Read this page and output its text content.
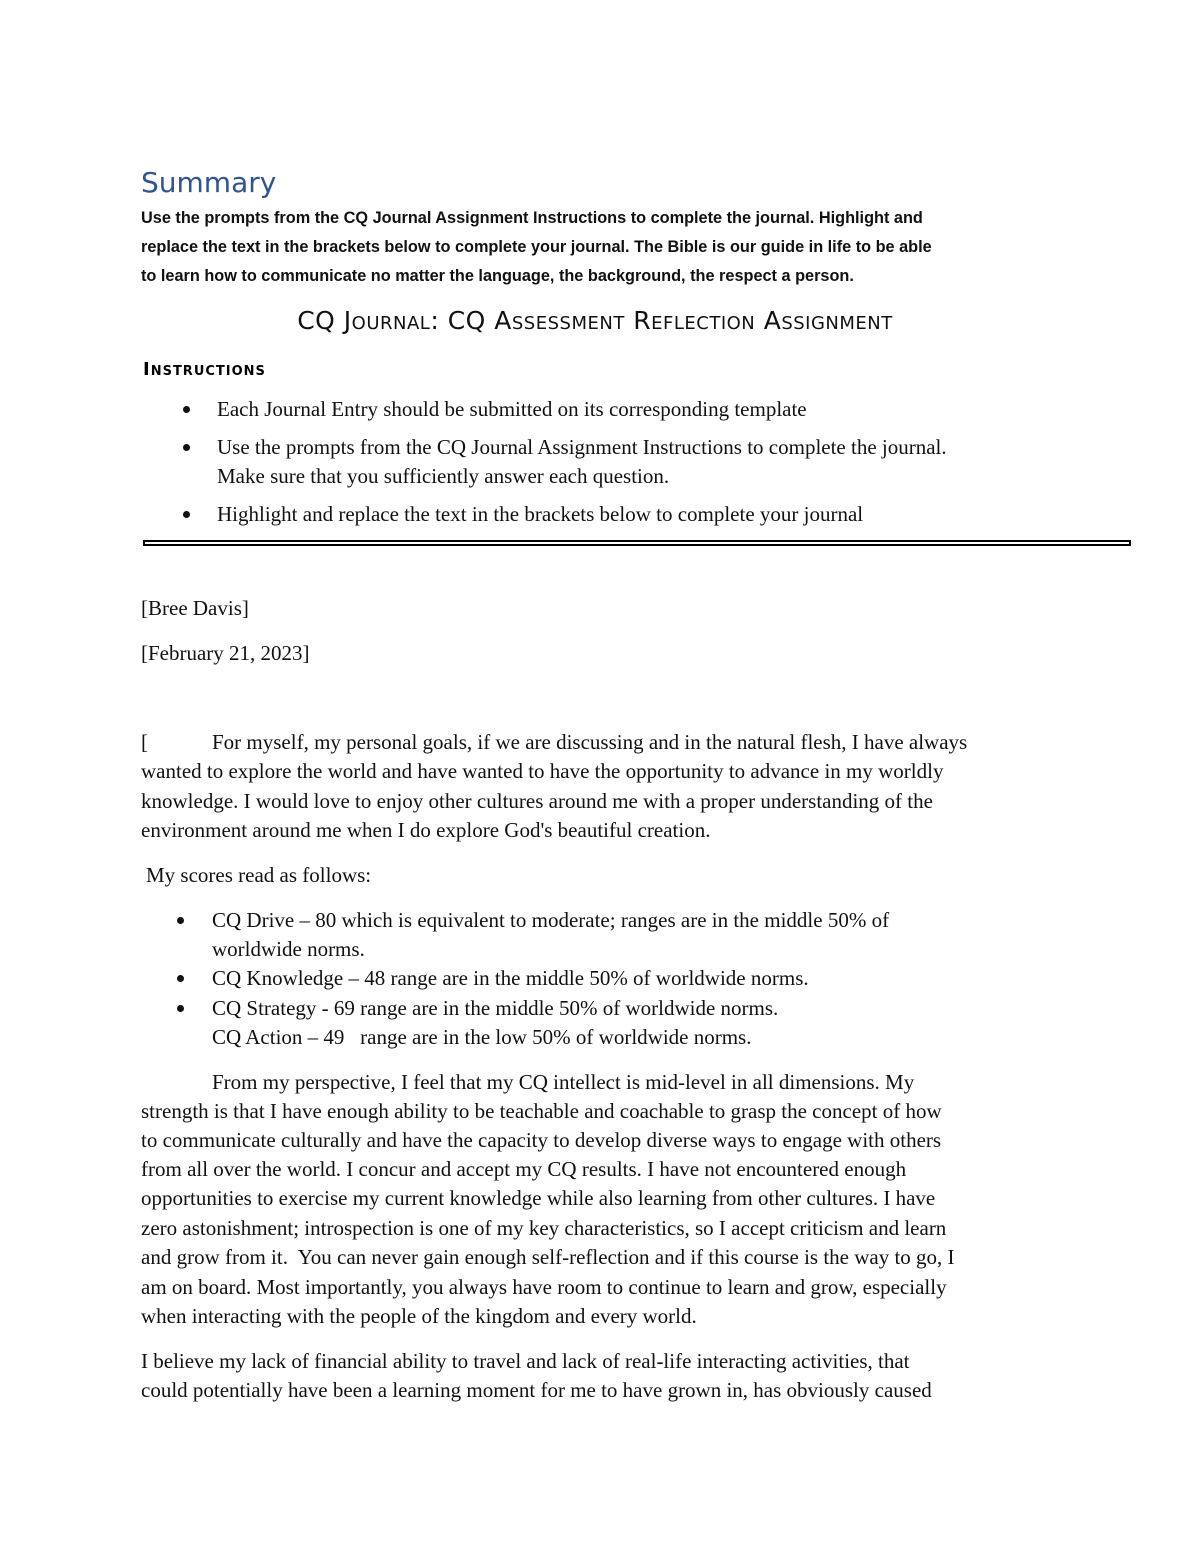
Summary
Use the prompts from the CQ Journal Assignment Instructions to complete the journal. Highlight and
replace the text in the brackets below to complete your journal. The Bible is our guide in life to be able
to learn how to communicate no matter the language, the background, the respect a person.
CQ Journal: CQ Assessment Reflection Assignment
Instructions
Each Journal Entry should be submitted on its corresponding template
Use the prompts from the CQ Journal Assignment Instructions to complete the journal.
Make sure that you sufficiently answer each question.
Highlight and replace the text in the brackets below to complete your journal
[Bree Davis]
[February 21, 2023]
[	For myself, my personal goals, if we are discussing and in the natural flesh, I have always
wanted to explore the world and have wanted to have the opportunity to advance in my worldly
knowledge. I would love to enjoy other cultures around me with a proper understanding of the
environment around me when I do explore God's beautiful creation.
My scores read as follows:
CQ Drive – 80 which is equivalent to moderate; ranges are in the middle 50% of
worldwide norms.
CQ Knowledge – 48 range are in the middle 50% of worldwide norms.
CQ Strategy - 69 range are in the middle 50% of worldwide norms.
CQ Action – 49   range are in the low 50% of worldwide norms.
From my perspective, I feel that my CQ intellect is mid-level in all dimensions. My
strength is that I have enough ability to be teachable and coachable to grasp the concept of how
to communicate culturally and have the capacity to develop diverse ways to engage with others
from all over the world. I concur and accept my CQ results. I have not encountered enough
opportunities to exercise my current knowledge while also learning from other cultures. I have
zero astonishment; introspection is one of my key characteristics, so I accept criticism and learn
and grow from it.  You can never gain enough self-reflection and if this course is the way to go, I
am on board. Most importantly, you always have room to continue to learn and grow, especially
when interacting with the people of the kingdom and every world.
I believe my lack of financial ability to travel and lack of real-life interacting activities, that
could potentially have been a learning moment for me to have grown in, has obviously caused
